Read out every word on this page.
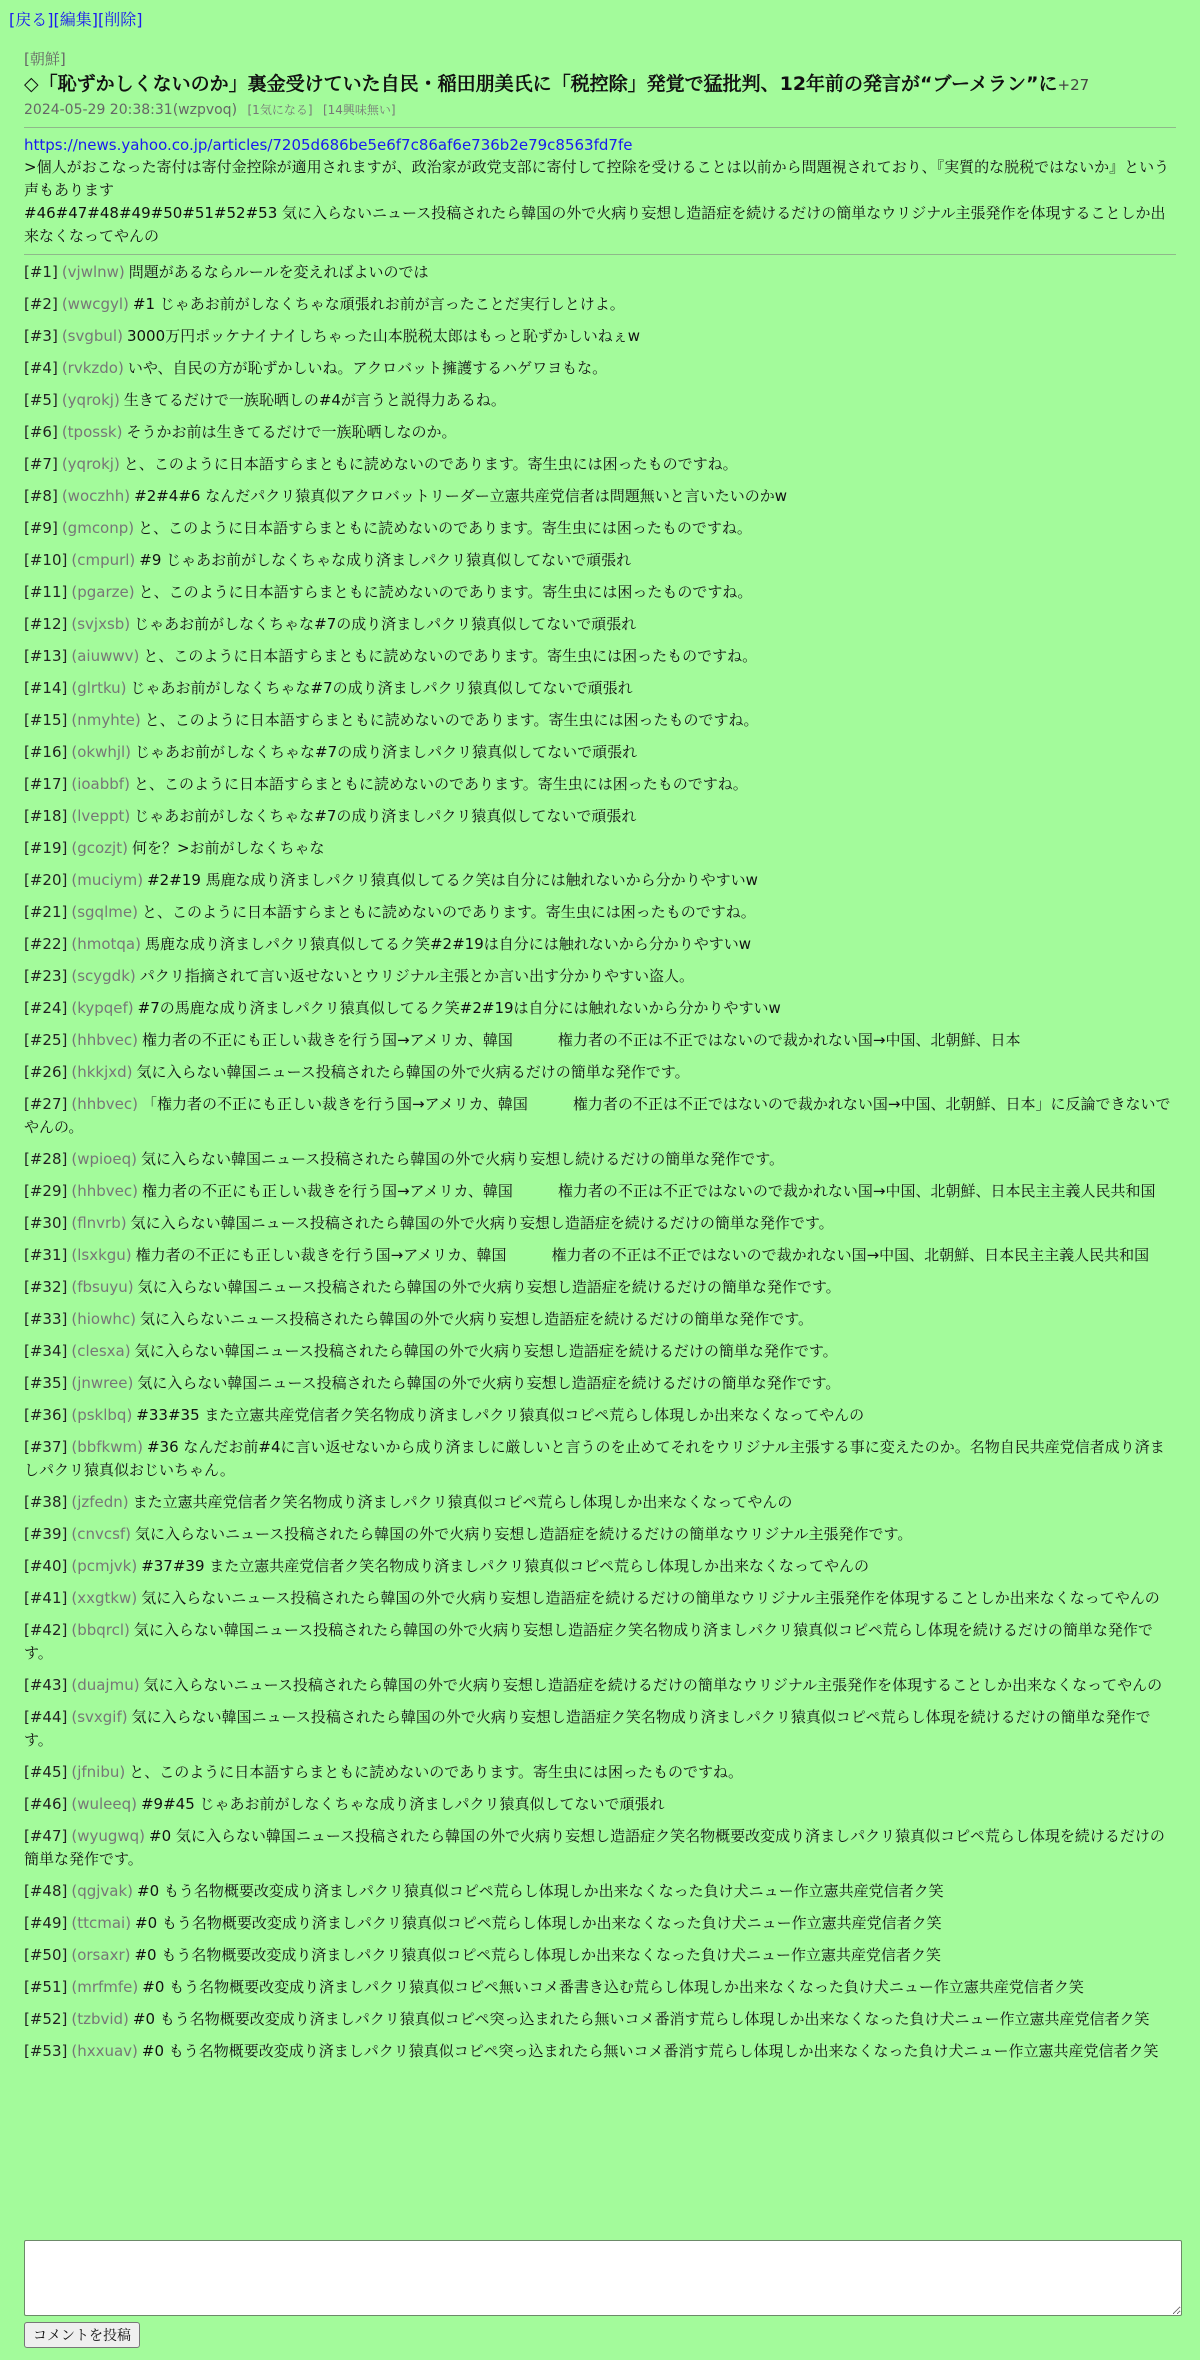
[戻る][編集][削除]
[朝鮮]
◇「恥ずかしくないのか」裏金受けていた自民・稲田朋美氏に「税控除」発覚で猛批判、12年前の発言が“ブーメラン”に+27
2024-05-29 20:38:31(wzpvoq) [1気になる] [14興味無い]
https://news.yahoo.co.jp/articles/7205d686be5e6f7c86af6e736b2e79c8563fd7fe

>個人がおこなった寄付は寄付金控除が適用されますが、政治家が政党支部に寄付して控除を受けることは以前から問題視されており、『実質的な脱税ではないか』という声もあります

#46#47#48#49#50#51#52#53 気に入らないニュース投稿されたら韓国の外で火病り妄想し造語症を続けるだけの簡単なウリジナル主張発作を体現することしか出来なくなってやんの

[#1] (vjwlnw) 問題があるならルールを変えればよいのでは
[#2] (wwcgyl) #1 じゃあお前がしなくちゃな頑張れお前が言ったことだ実行しとけよ。
[#3] (svgbul) 3000万円ポッケナイナイしちゃった山本脱税太郎はもっと恥ずかしいねぇw
[#4] (rvkzdo) いや、自民の方が恥ずかしいね。アクロバット擁護するハゲワヨもな。
[#5] (yqrokj) 生きてるだけで一族恥晒しの#4が言うと説得力あるね。
[#6] (tpossk) そうかお前は生きてるだけで一族恥晒しなのか。
[#7] (yqrokj) と、このように日本語すらまともに読めないのであります。寄生虫には困ったものですね。
[#8] (woczhh) #2#4#6 なんだパクリ猿真似アクロバットリーダー立憲共産党信者は問題無いと言いたいのかw
[#9] (gmconp) と、このように日本語すらまともに読めないのであります。寄生虫には困ったものですね。
[#10] (cmpurl) #9 じゃあお前がしなくちゃな成り済ましパクリ猿真似してないで頑張れ
[#11] (pgarze) と、このように日本語すらまともに読めないのであります。寄生虫には困ったものですね。
[#12] (svjxsb) じゃあお前がしなくちゃな#7の成り済ましパクリ猿真似してないで頑張れ
[#13] (aiuwwv) と、このように日本語すらまともに読めないのであります。寄生虫には困ったものですね。
[#14] (glrtku) じゃあお前がしなくちゃな#7の成り済ましパクリ猿真似してないで頑張れ
[#15] (nmyhte) と、このように日本語すらまともに読めないのであります。寄生虫には困ったものですね。
[#16] (okwhjl) じゃあお前がしなくちゃな#7の成り済ましパクリ猿真似してないで頑張れ
[#17] (ioabbf) と、このように日本語すらまともに読めないのであります。寄生虫には困ったものですね。
[#18] (lveppt) じゃあお前がしなくちゃな#7の成り済ましパクリ猿真似してないで頑張れ
[#19] (gcozjt) 何を？>お前がしなくちゃな
[#20] (muciym) #2#19 馬鹿な成り済ましパクリ猿真似してるク笑は自分には触れないから分かりやすいw
[#21] (sgqlme) と、このように日本語すらまともに読めないのであります。寄生虫には困ったものですね。
[#22] (hmotqa) 馬鹿な成り済ましパクリ猿真似してるク笑#2#19は自分には触れないから分かりやすいw
[#23] (scygdk) パクリ指摘されて言い返せないとウリジナル主張とか言い出す分かりやすい盗人。
[#24] (kypqef) #7の馬鹿な成り済ましパクリ猿真似してるク笑#2#19は自分には触れないから分かりやすいw
[#25] (hhbvec) 権力者の不正にも正しい裁きを行う国→アメリカ、韓国　　　権力者の不正は不正ではないので裁かれない国→中国、北朝鮮、日本
[#26] (hkkjxd) 気に入らない韓国ニュース投稿されたら韓国の外で火病るだけの簡単な発作です。
[#27] (hhbvec) 「権力者の不正にも正しい裁きを行う国→アメリカ、韓国　　　権力者の不正は不正ではないので裁かれない国→中国、北朝鮮、日本」に反論できないでやんの。
[#28] (wpioeq) 気に入らない韓国ニュース投稿されたら韓国の外で火病り妄想し続けるだけの簡単な発作です。
[#29] (hhbvec) 権力者の不正にも正しい裁きを行う国→アメリカ、韓国　　　権力者の不正は不正ではないので裁かれない国→中国、北朝鮮、日本民主主義人民共和国
[#30] (flnvrb) 気に入らない韓国ニュース投稿されたら韓国の外で火病り妄想し造語症を続けるだけの簡単な発作です。
[#31] (lsxkgu) 権力者の不正にも正しい裁きを行う国→アメリカ、韓国　　　権力者の不正は不正ではないので裁かれない国→中国、北朝鮮、日本民主主義人民共和国
[#32] (fbsuyu) 気に入らない韓国ニュース投稿されたら韓国の外で火病り妄想し造語症を続けるだけの簡単な発作です。
[#33] (hiowhc) 気に入らないニュース投稿されたら韓国の外で火病り妄想し造語症を続けるだけの簡単な発作です。
[#34] (clesxa) 気に入らない韓国ニュース投稿されたら韓国の外で火病り妄想し造語症を続けるだけの簡単な発作です。
[#35] (jnwree) 気に入らない韓国ニュース投稿されたら韓国の外で火病り妄想し造語症を続けるだけの簡単な発作です。
[#36] (psklbq) #33#35 また立憲共産党信者ク笑名物成り済ましパクリ猿真似コピペ荒らし体現しか出来なくなってやんの
[#37] (bbfkwm) #36 なんだお前#4に言い返せないから成り済ましに厳しいと言うのを止めてそれをウリジナル主張する事に変えたのか。名物自民共産党信者成り済ましパクリ猿真似おじいちゃん。
[#38] (jzfedn) また立憲共産党信者ク笑名物成り済ましパクリ猿真似コピペ荒らし体現しか出来なくなってやんの
[#39] (cnvcsf) 気に入らないニュース投稿されたら韓国の外で火病り妄想し造語症を続けるだけの簡単なウリジナル主張発作です。
[#40] (pcmjvk) #37#39 また立憲共産党信者ク笑名物成り済ましパクリ猿真似コピペ荒らし体現しか出来なくなってやんの
[#41] (xxgtkw) 気に入らないニュース投稿されたら韓国の外で火病り妄想し造語症を続けるだけの簡単なウリジナル主張発作を体現することしか出来なくなってやんの
[#42] (bbqrcl) 気に入らない韓国ニュース投稿されたら韓国の外で火病り妄想し造語症ク笑名物成り済ましパクリ猿真似コピペ荒らし体現を続けるだけの簡単な発作です。
[#43] (duajmu) 気に入らないニュース投稿されたら韓国の外で火病り妄想し造語症を続けるだけの簡単なウリジナル主張発作を体現することしか出来なくなってやんの
[#44] (svxgif) 気に入らない韓国ニュース投稿されたら韓国の外で火病り妄想し造語症ク笑名物成り済ましパクリ猿真似コピペ荒らし体現を続けるだけの簡単な発作です。
[#45] (jfnibu) と、このように日本語すらまともに読めないのであります。寄生虫には困ったものですね。
[#46] (wuleeq) #9#45 じゃあお前がしなくちゃな成り済ましパクリ猿真似してないで頑張れ
[#47] (wyugwq) #0 気に入らない韓国ニュース投稿されたら韓国の外で火病り妄想し造語症ク笑名物概要改変成り済ましパクリ猿真似コピペ荒らし体現を続けるだけの簡単な発作です。
[#48] (qgjvak) #0 もう名物概要改変成り済ましパクリ猿真似コピペ荒らし体現しか出来なくなった負け犬ニュー作立憲共産党信者ク笑
[#49] (ttcmai) #0 もう名物概要改変成り済ましパクリ猿真似コピペ荒らし体現しか出来なくなった負け犬ニュー作立憲共産党信者ク笑
[#50] (orsaxr) #0 もう名物概要改変成り済ましパクリ猿真似コピペ荒らし体現しか出来なくなった負け犬ニュー作立憲共産党信者ク笑
[#51] (mrfmfe) #0 もう名物概要改変成り済ましパクリ猿真似コピペ無いコメ番書き込む荒らし体現しか出来なくなった負け犬ニュー作立憲共産党信者ク笑
[#52] (tzbvid) #0 もう名物概要改変成り済ましパクリ猿真似コピペ突っ込まれたら無いコメ番消す荒らし体現しか出来なくなった負け犬ニュー作立憲共産党信者ク笑
[#53] (hxxuav) #0 もう名物概要改変成り済ましパクリ猿真似コピペ突っ込まれたら無いコメ番消す荒らし体現しか出来なくなった負け犬ニュー作立憲共産党信者ク笑
コメントを投稿
